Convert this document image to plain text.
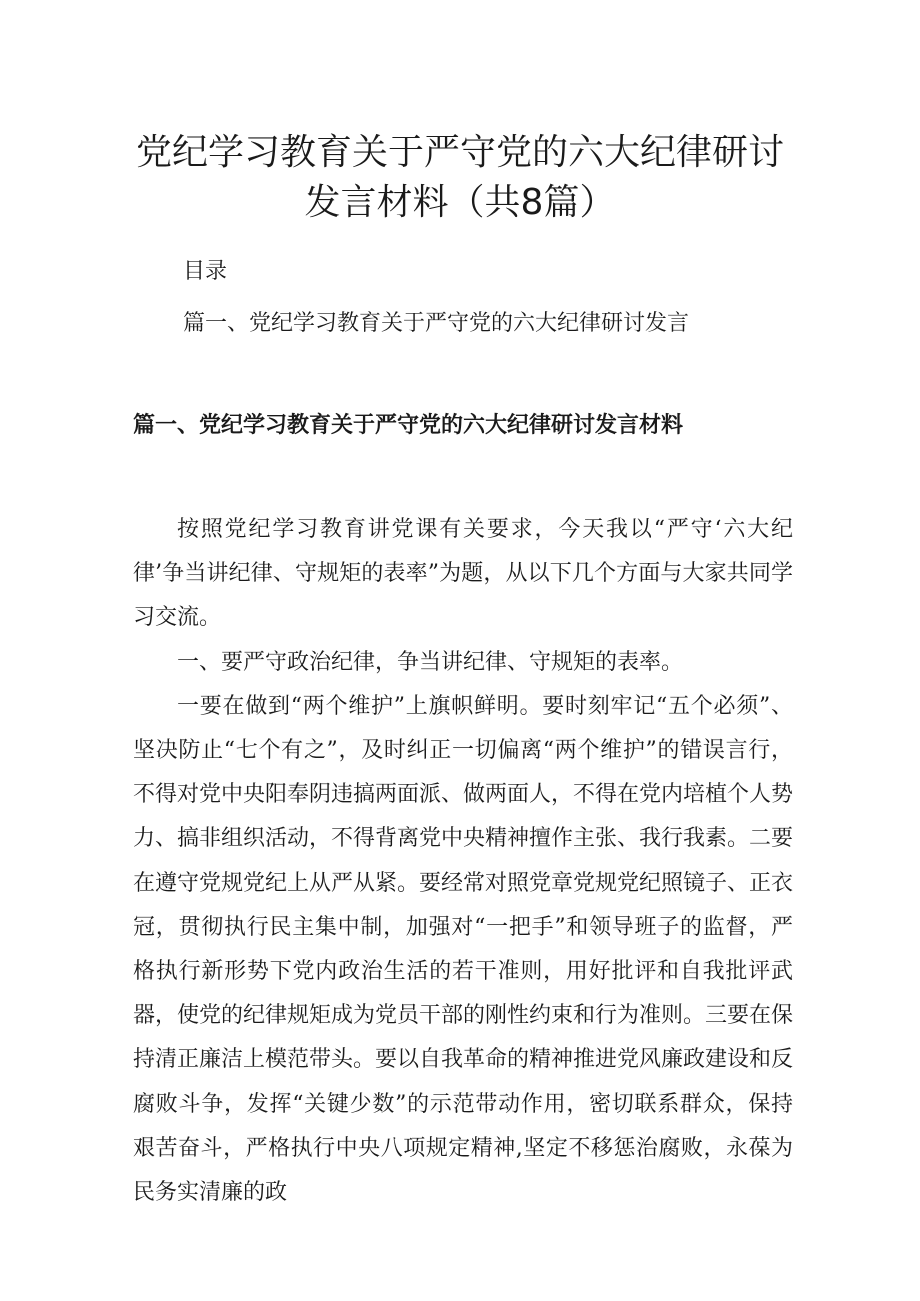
党纪学习教育关于严守党的六大纪律研讨
发言材料（共8篇）
目录
篇一、党纪学习教育关于严守党的六大纪律研讨发言
篇一、党纪学习教育关于严守党的六大纪律研讨发言材料

按照党纪学习教育讲党课有关要求，今天我以“严守‘六大纪律’争当讲纪律、守规矩的表率”为题，从以下几个方面与大家共同学习交流。

一、要严守政治纪律，争当讲纪律、守规矩的表率。

一要在做到“两个维护”上旗帜鲜明。要时刻牢记“五个必须”、坚决防止“七个有之”，及时纠正一切偏离“两个维护”的错误言行，不得对党中央阳奉阴违搞两面派、做两面人，不得在党内培植个人势力、搞非组织活动，不得背离党中央精神擅作主张、我行我素。二要在遵守党规党纪上从严从紧。要经常对照党章党规党纪照镜子、正衣冠，贯彻执行民主集中制，加强对“一把手”和领导班子的监督，严格执行新形势下党内政治生活的若干准则，用好批评和自我批评武器，使党的纪律规矩成为党员干部的刚性约束和行为准则。三要在保持清正廉洁上模范带头。要以自我革命的精神推进党风廉政建设和反腐败斗争，发挥“关键少数”的示范带动作用，密切联系群众，保持艰苦奋斗，严格执行中央八项规定精神,坚定不移惩治腐败，永葆为民务实清廉的政
